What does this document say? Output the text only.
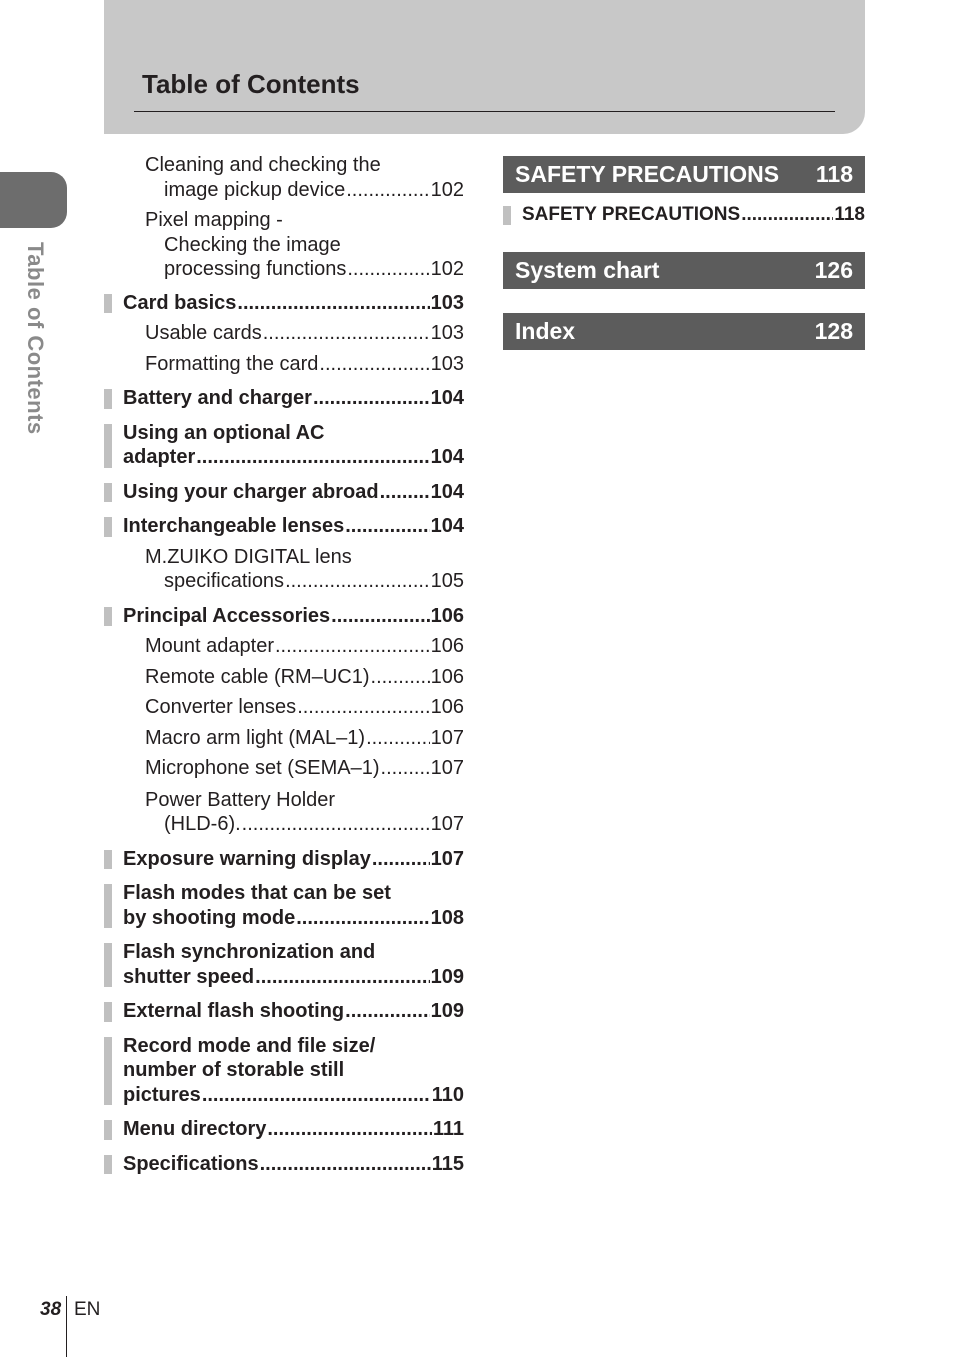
Table of Contents
Table of Contents
Cleaning and checking the
image pickup device .....	102
Pixel mapping -
Checking the image
processing functions .....	102
Card basics .....	103
Usable cards .....	103
Formatting the card .....	103
Battery and charger .....	104
Using an optional AC
adapter .....	104
Using your charger abroad .....	104
Interchangeable lenses .....	104
M.ZUIKO DIGITAL lens
specifications .....	105
Principal Accessories .....	106
Mount adapter .....	106
Remote cable (RM–UC1) .....	106
Converter lenses .....	106
Macro arm light (MAL–1) .....	107
Microphone set (SEMA–1) .....	107
Power Battery Holder
(HLD-6). .....	107
Exposure warning display .....	107
Flash modes that can be set
by shooting mode .....	108
Flash synchronization and
shutter speed .....	109
External flash shooting .....	109
Record mode and file size/
number of storable still
pictures .....	110
Menu directory .....	111
Specifications .....	115
SAFETY PRECAUTIONS 118
SAFETY PRECAUTIONS .....	118
System chart	126
Index	128
38 EN
